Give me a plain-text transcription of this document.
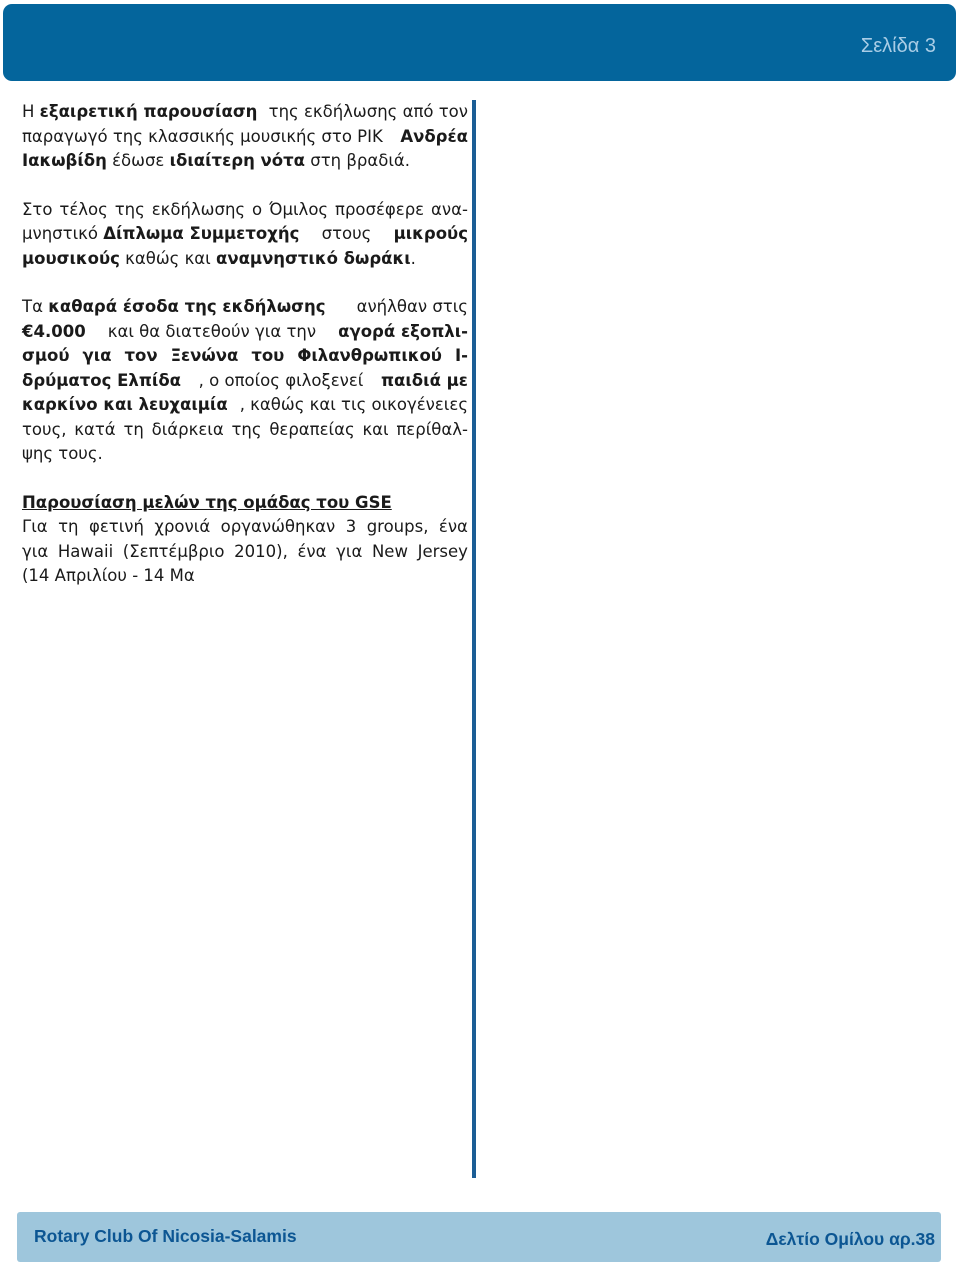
Σελίδα 3

Η εξαιρετική παρουσίαση της εκδήλωσης από τον
παραγωγό της κλασσικής μουσικής στο ΡΙΚ Ανδρέα
Ιακωβίδη έδωσε ιδιαίτερη νότα στη βραδιά.

Στο τέλος της εκδήλωσης ο Όμιλος προσέφερε ανα-
μνηστικό Δίπλωμα Συμμετοχής στους μικρούς
μουσικούς καθώς και αναμνηστικό δωράκι.

Τα καθαρά έσοδα της εκδήλωσης ανήλθαν στις
€4.000 και θα διατεθούν για την αγορά εξοπλι-
σμού για τον Ξενώνα του Φιλανθρωπικού Ι-
δρύματος Ελπίδα , ο οποίος φιλοξενεί παιδιά με
καρκίνο και λευχαιμία , καθώς και τις οικογένειες
τους, κατά τη διάρκεια της θεραπείας και περίθαλ-
ψης τους.

Παρουσίαση μελών της ομάδας του GSE

Για τη φετινή χρονιά οργανώθηκαν 3 groups, ένα
για Hawaii (Σεπτέμβριο 2010), ένα για New Jersey
(14 Απριλίου - 14 Μα

Rotary Club Of Nicosia-Salamis	Δελτίο Ομίλου αρ.38
